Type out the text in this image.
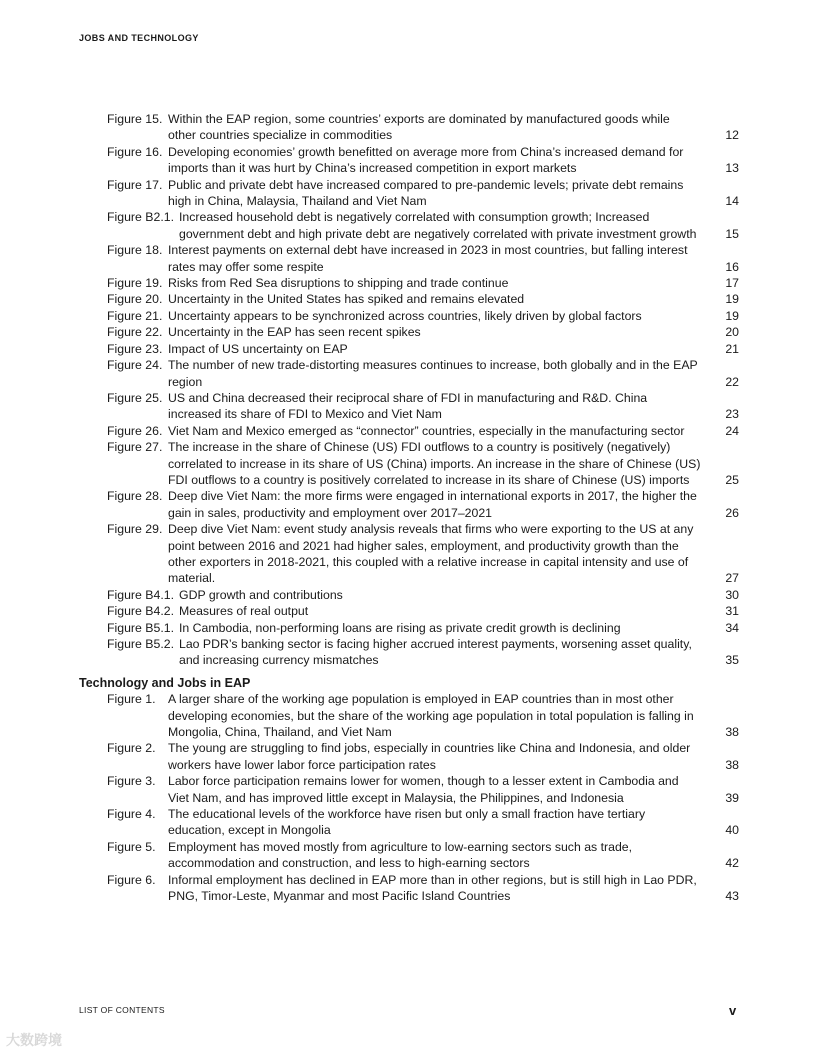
JOBS AND TECHNOLOGY
Figure 15. Within the EAP region, some countries’ exports are dominated by manufactured goods while other countries specialize in commodities	12
Figure 16. Developing economies’ growth benefitted on average more from China’s increased demand for imports than it was hurt by China’s increased competition in export markets	13
Figure 17. Public and private debt have increased compared to pre-pandemic levels; private debt remains high in China, Malaysia, Thailand and Viet Nam	14
Figure B2.1. Increased household debt is negatively correlated with consumption growth; Increased government debt and high private debt are negatively correlated with private investment growth	15
Figure 18. Interest payments on external debt have increased in 2023 in most countries, but falling interest rates may offer some respite	16
Figure 19. Risks from Red Sea disruptions to shipping and trade continue	17
Figure 20. Uncertainty in the United States has spiked and remains elevated	19
Figure 21. Uncertainty appears to be synchronized across countries, likely driven by global factors	19
Figure 22. Uncertainty in the EAP has seen recent spikes	20
Figure 23. Impact of US uncertainty on EAP	21
Figure 24. The number of new trade-distorting measures continues to increase, both globally and in the EAP region	22
Figure 25. US and China decreased their reciprocal share of FDI in manufacturing and R&D. China increased its share of FDI to Mexico and Viet Nam	23
Figure 26. Viet Nam and Mexico emerged as “connector” countries, especially in the manufacturing sector	24
Figure 27. The increase in the share of Chinese (US) FDI outflows to a country is positively (negatively) correlated to increase in its share of US (China) imports. An increase in the share of Chinese (US) FDI outflows to a country is positively correlated to increase in its share of Chinese (US) imports	25
Figure 28. Deep dive Viet Nam: the more firms were engaged in international exports in 2017, the higher the gain in sales, productivity and employment over 2017–2021	26
Figure 29. Deep dive Viet Nam: event study analysis reveals that firms who were exporting to the US at any point between 2016 and 2021 had higher sales, employment, and productivity growth than the other exporters in 2018-2021, this coupled with a relative increase in capital intensity and use of material.	27
Figure B4.1. GDP growth and contributions	30
Figure B4.2. Measures of real output	31
Figure B5.1. In Cambodia, non-performing loans are rising as private credit growth is declining	34
Figure B5.2. Lao PDR’s banking sector is facing higher accrued interest payments, worsening asset quality, and increasing currency mismatches	35
Technology and Jobs in EAP
Figure 1.	A larger share of the working age population is employed in EAP countries than in most other developing economies, but the share of the working age population in total population is falling in Mongolia, China, Thailand, and Viet Nam	38
Figure 2.	The young are struggling to find jobs, especially in countries like China and Indonesia, and older workers have lower labor force participation rates	38
Figure 3.	Labor force participation remains lower for women, though to a lesser extent in Cambodia and Viet Nam, and has improved little except in Malaysia, the Philippines, and Indonesia	39
Figure 4.	The educational levels of the workforce have risen but only a small fraction have tertiary education, except in Mongolia	40
Figure 5.	Employment has moved mostly from agriculture to low-earning sectors such as trade, accommodation and construction, and less to high-earning sectors	42
Figure 6.	Informal employment has declined in EAP more than in other regions, but is still high in Lao PDR, PNG, Timor-Leste, Myanmar and most Pacific Island Countries	43
LIST OF CONTENTS	v
大数跨境
